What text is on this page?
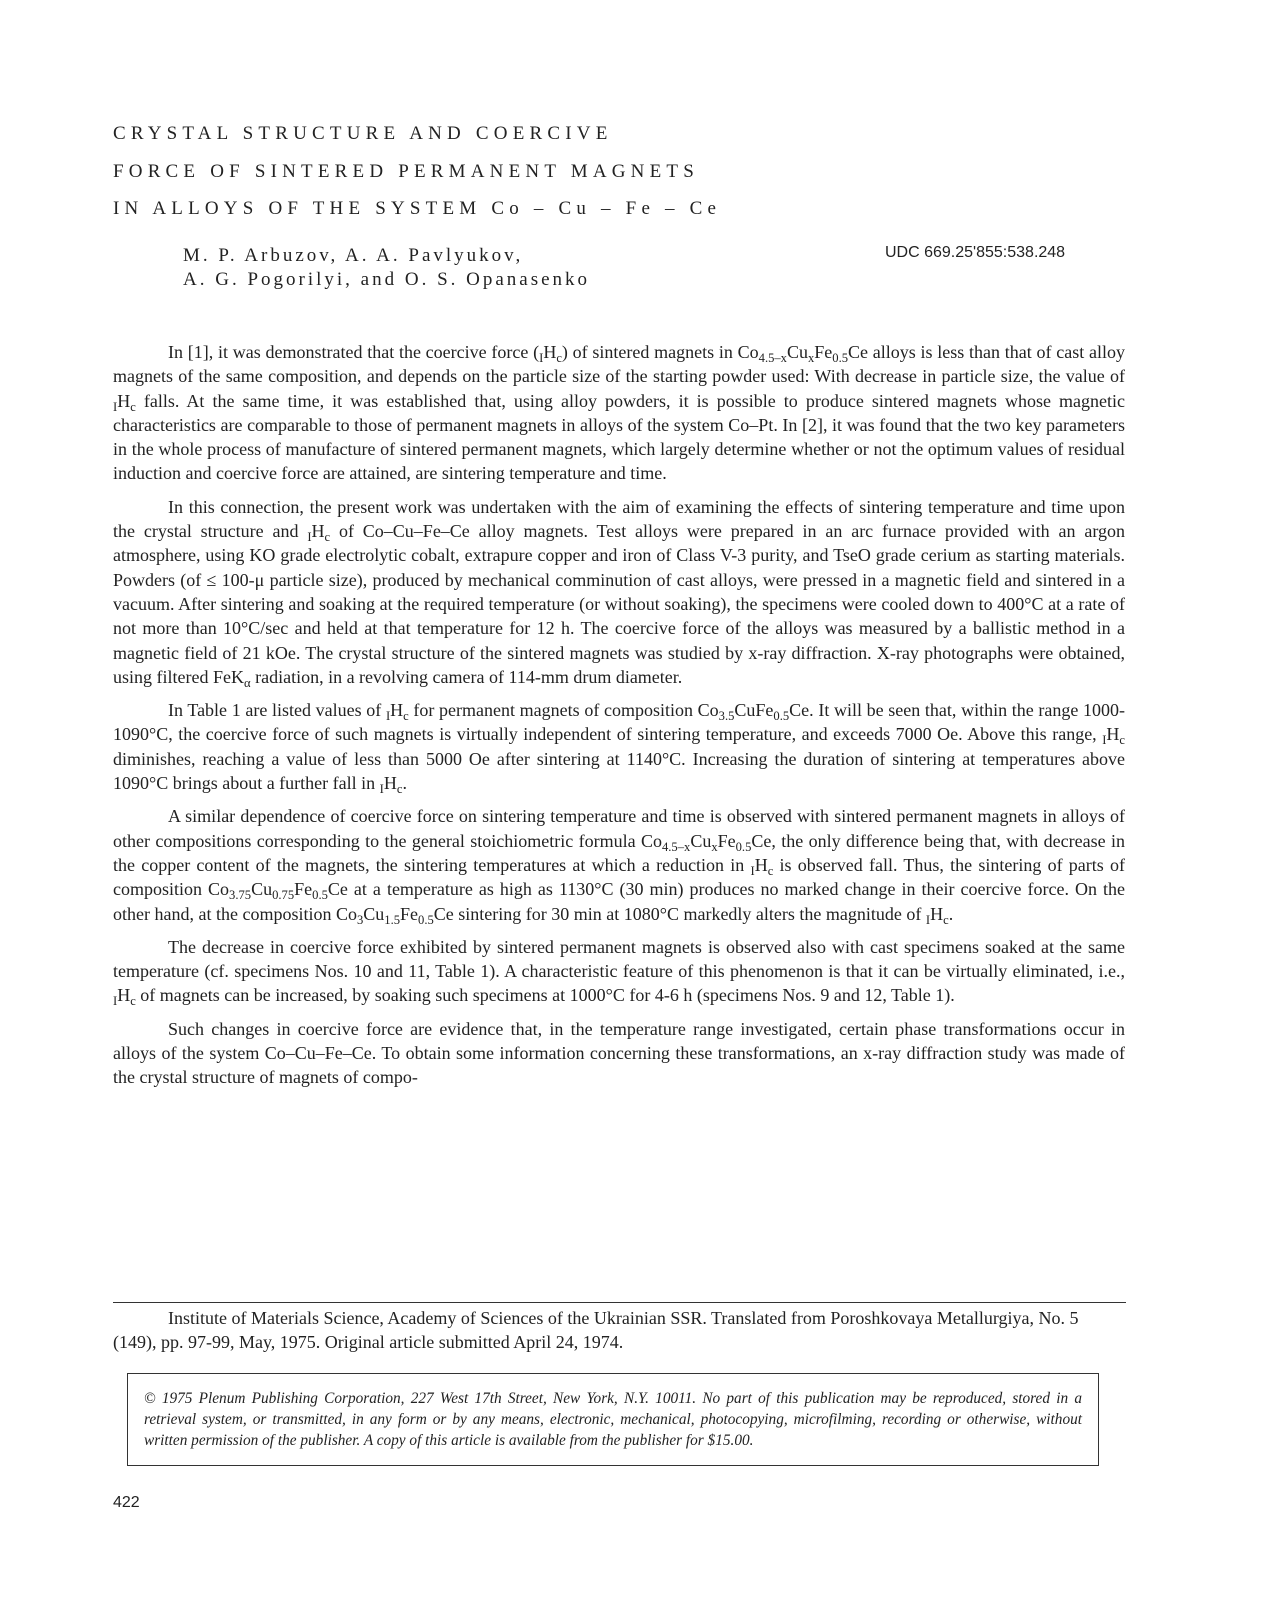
CRYSTAL STRUCTURE AND COERCIVE
FORCE OF SINTERED PERMANENT MAGNETS
IN ALLOYS OF THE SYSTEM Co – Cu – Fe – Ce
M. P. Arbuzov, A. A. Pavlyukov,
A. G. Pogorilyi, and O. S. Opanasenko
UDC 669.25'855:538.248

In [1], it was demonstrated that the coercive force $(_IH_c)$ of sintered magnets in $Co_{4.5-x}Cu_xFe_{0.5}Ce$ alloys is less than that of cast alloy magnets of the same composition, and depends on the particle size of the starting powder used: With decrease in particle size, the value of $_IH_c$ falls. At the same time, it was established that, using alloy powders, it is possible to produce sintered magnets whose magnetic characteristics are comparable to those of permanent magnets in alloys of the system Co–Pt. In [2], it was found that the two key parameters in the whole process of manufacture of sintered permanent magnets, which largely determine whether or not the optimum values of residual induction and coercive force are attained, are sintering temperature and time.

In this connection, the present work was undertaken with the aim of examining the effects of sintering temperature and time upon the crystal structure and $_IH_c$ of Co–Cu–Fe–Ce alloy magnets. Test alloys were prepared in an arc furnace provided with an argon atmosphere, using KO grade electrolytic cobalt, extrapure copper and iron of Class V-3 purity, and TseO grade cerium as starting materials. Powders (of ≤ 100-μ particle size), produced by mechanical comminution of cast alloys, were pressed in a magnetic field and sintered in a vacuum. After sintering and soaking at the required temperature (or without soaking), the specimens were cooled down to 400°C at a rate of not more than 10°C/sec and held at that temperature for 12 h. The coercive force of the alloys was measured by a ballistic method in a magnetic field of 21 kOe. The crystal structure of the sintered magnets was studied by x-ray diffraction. X-ray photographs were obtained, using filtered FeK$_\alpha$ radiation, in a revolving camera of 114-mm drum diameter.

In Table 1 are listed values of $_IH_c$ for permanent magnets of composition $Co_{3.5}CuFe_{0.5}Ce$. It will be seen that, within the range 1000-1090°C, the coercive force of such magnets is virtually independent of sintering temperature, and exceeds 7000 Oe. Above this range, $_IH_c$ diminishes, reaching a value of less than 5000 Oe after sintering at 1140°C. Increasing the duration of sintering at temperatures above 1090°C brings about a further fall in $_IH_c$.

A similar dependence of coercive force on sintering temperature and time is observed with sintered permanent magnets in alloys of other compositions corresponding to the general stoichiometric formula $Co_{4.5-x}Cu_xFe_{0.5}Ce$, the only difference being that, with decrease in the copper content of the magnets, the sintering temperatures at which a reduction in $_IH_c$ is observed fall. Thus, the sintering of parts of composition $Co_{3.75}Cu_{0.75}Fe_{0.5}Ce$ at a temperature as high as 1130°C (30 min) produces no marked change in their coercive force. On the other hand, at the composition $Co_3Cu_{1.5}Fe_{0.5}Ce$ sintering for 30 min at 1080°C markedly alters the magnitude of $_IH_c$.

The decrease in coercive force exhibited by sintered permanent magnets is observed also with cast specimens soaked at the same temperature (cf. specimens Nos. 10 and 11, Table 1). A characteristic feature of this phenomenon is that it can be virtually eliminated, i.e., $_IH_c$ of magnets can be increased, by soaking such specimens at 1000°C for 4-6 h (specimens Nos. 9 and 12, Table 1).

Such changes in coercive force are evidence that, in the temperature range investigated, certain phase transformations occur in alloys of the system Co–Cu–Fe–Ce. To obtain some information concerning these transformations, an x-ray diffraction study was made of the crystal structure of magnets of compo-

Institute of Materials Science, Academy of Sciences of the Ukrainian SSR. Translated from Poroshkovaya Metallurgiya, No. 5 (149), pp. 97-99, May, 1975. Original article submitted April 24, 1974.

© 1975 Plenum Publishing Corporation, 227 West 17th Street, New York, N.Y. 10011. No part of this publication may be reproduced, stored in a retrieval system, or transmitted, in any form or by any means, electronic, mechanical, photocopying, microfilming, recording or otherwise, without written permission of the publisher. A copy of this article is available from the publisher for $15.00.

422
